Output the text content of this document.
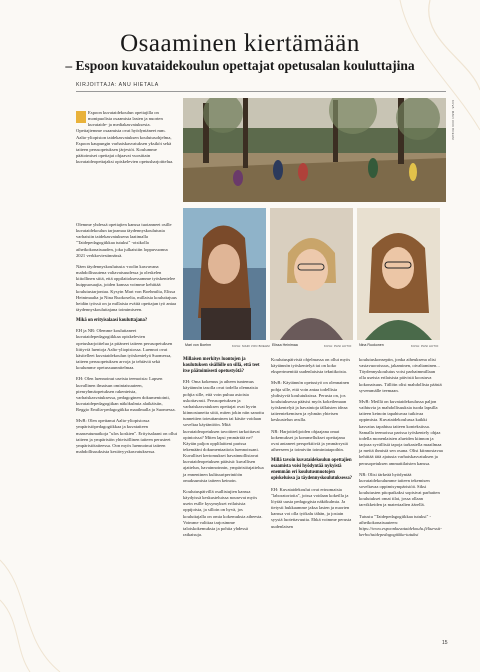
Osaaminen kiertämään
– Espoon kuvataidekoulun opettajat opetusalan kouluttajina
KIRJOITTAJA: ANU HIETALA
Espoon kuvataidekoulun opettajilla on monipuolista osaamista lasten ja nuorten kuvataide- ja mediakasvatuksesta. Opettajiemme osaamista ovat hyödyntäneet mm. Aalto-yliopiston taidekasvatuksen koulutusohjelma, Espoon kaupungin varhaiskasvatuksen yksiköt sekä taiteen perusopetuksen järjestöt. Koulumme päätoimiset opettajat ohjaavat vuosittain kuvataideopettajaksi opiskelevien opetusharjoittelua.

Olemme yhdessä opettajien kanssa tuotanneet osille kuvataidekoulun tarjoamaa täydennyskoulutusta varhaisiin taidekasvatuksena laatimalla "Taidepedagogiikkaa tutuksi" -otsikolla aiheikokonaisuuden, joka julkaistiin loppuvuonna 2021 verkkoviestinnässä.

Näen täydennyskoulutusta -roolin kasvavana mahdollisuutena valtavaisuudessa ja oleskelen kiitollinen siitä, että oppilaitoksessamme työskentelee huippuosaajia, joiden kanssa voimme kehittää koulutustarjontaa. Kysyin Mari von Boehmilta, Elissa Heinimaalta ja Nina Ruokoselta, millaisia kouluttajuus heidän työssä on ja millaisia eväitä opettajan työ antaa täydennyskouluttajana toimimiseen.

Mikä on erityisalaasi kouluttajana?

EH ja NR: Olemme kouluttaneet kuvataidepedagogiikkaa opiskelevien opetusharjoittelua ja pitäneet taiteen perusopetuksen liittyviä luentoja Aalto-yliopistossa. Luennot ovat käsitelleet kuvataidekoulun työskentelyä Suomessa, taiteen perusopetuksen arvoja ja tehtäviä sekä koulumme opetussuunnitelmaa.

EH: Olen luennoinut useista teemoista: Lapsen kuvallinen ilmaisun omintaisuuteen, pienryhmäopetuksen rakenteista, varhaiskasvatuksessa, pedagoginen dokumentointi, kuvataidepedagogiikan näkökulmia alaikäisiin, Reggio Emilia-pedagogiikka maailmalla ja Suomessa.

MvB: Olen opettanut Aalto-yliopistossa ympäristöpedagogiikkaa ja kuvataiteen maaseutumatkoja "ulos koskien". Erityisalaani on ollut taiteen ja ympäristön yhteisöllinen taiteen perusteet ympäristötaiteessa. Oon myös luennoinut taiteen mahdollisuuksista kestävyyskasvatuksessa.

KUVA: MARI VON BOEHM
Mari von Boehm	KUVA: MARI VON BOEHM Elissa Heinimaa	KUVA: PASI AUTIO Nina Ruokonen	KUVA: PASI AUTIO
Millaisen merkitys luontojen ja koulutuksen sisällölle on sillä, että teet itse päätoimisesti opetustyötä?

EH: Oma kokemus ja aiheen tuntemus käytännön tasolla ovat todella olennaisia pohjia sille, että voin puhua asioista uskottavasti. Perusopetuksen ja varhaiskasvatuksen opettajat ovat hyvin kiinnostuneita siitä, miten jokin niin sanottu tunnettien toteuttaminen tai käsite voidaan soveltaa käytäntöön. Mitä kuvataideopetuksen tavoitteet tarkoittavat opintoissa? Miten lapsi ymmärtää ne? Käytän paljon opplilaitteni parissa tekemääni dokumentaatiota luennoissani. Kuvalliset kertomukset havainnollistavat kuvataideopetuksen pääsisä: kuvallisen ajattelun, havainnoinnin, ympäristöajattelua ja ennentinen kulttuuriperintöön omaksumista taiteen keinoin.

Koulutuspäivillä osallistujien kanssa käydyissä keskusteluissa nousevat myös usein esille kysymykset erilaisista oppijoista, ja silloin on hyvä, jos kouluttajalla on omia kokemuksia aiheesta. Voimme valittaa tarjosimme taloiskokemuksia ja pohtia yhdessä ratkaisuja.

Koulutuspäivistä ohjelmassa on ollut myös käytännön työskentelyä tai on koko eksperimenttiä uudenlaisista tekniikoista.

MvB: Käytännön opetustyö on olennainen pohja sille, että voin antaa todellisia yhdistyviä koulutuksissa. Perusta on, jos koulutuksessa pääsisi myös kokeilemaan työskentelyä ja havaintoja tällaisten ideaa taiteentekemisen ja ryhmän yhteisen keskustelun avulla.

NR: Harjoittelijoiden ohjaajana omat kokemukset ja kommellukset opettajana ovat antaneet perspektiiviä ja ymmärrystä aiheeseen ja toimiviin toimintatapoihin.

Millä tavoin kuvataidekoulun opettajien osaamista voisi hyödyntää nykyistä enemmän eri koulutusmuotojen opiskeluissa ja täydennyskoulutuksessa?

EH: Kuvataidekoulut ovat erinomaisia "laboratorioita", joissa voidaan kokeilla ja löytää uusia pedagogisia näkökulmia. Ja tietysti hukkaamme jaksa lasten ja nuorten kanssa voi olla työkalu tähän, ja jostain syystä luotettavuutta. Ehkä voimme perusta uudenlaisen

koulutuskonseptin, jonka aiheuksena olisi vastavuoroisuus, jakaminen, oivaltaminen... Täydennyskoulutus voisi parhaimmillaan olla useista erilaisista päivistä koostuva kokonaisuus. Tällöin olisi mahdollista päästä syvemmälle teemaan.

MvB: Meillä on kuvataidekoulussa paljon vaihtuvia ja mahdollisuuksia tuoda lapsilla taiteen keinoin tapahtuvaa tutkivaa oppimista. Kuvataidekoulussa kaikki kasvatus tapahtuu taiteen kontekstissa. Samalla teemoissa parissa työskentely ohjaa todella monenlaisten alueiden kiinnon ja tarjoaa syvällisiä tapoja tarkastella maailmaa ja meitä ihmisiä sen osana. Olisi kiinnostavaa kehittää tätä ajatusta varhaiskasvatuksen ja perusopetuksen ammattilaisten kanssa.

NR: Olisi tärkeää hyödyntää kuvataidekoulumme taiteen tekemisen soveltavaa oppimisympäristöä. Siksi koulutusten pitopaikaksi sopisivat parhaiten koulutukset omat tilat, jossa ollaan tarvikkeiden ja materiaalien äärellä.

Tutustu "Taidepedagogiikkaa tutuksi" -aiheikokonaisuuteen: https://www.espoonkuvataidekoulu.fi/kurssit-kerho/taidepedagogiikka-tutuksi

15
